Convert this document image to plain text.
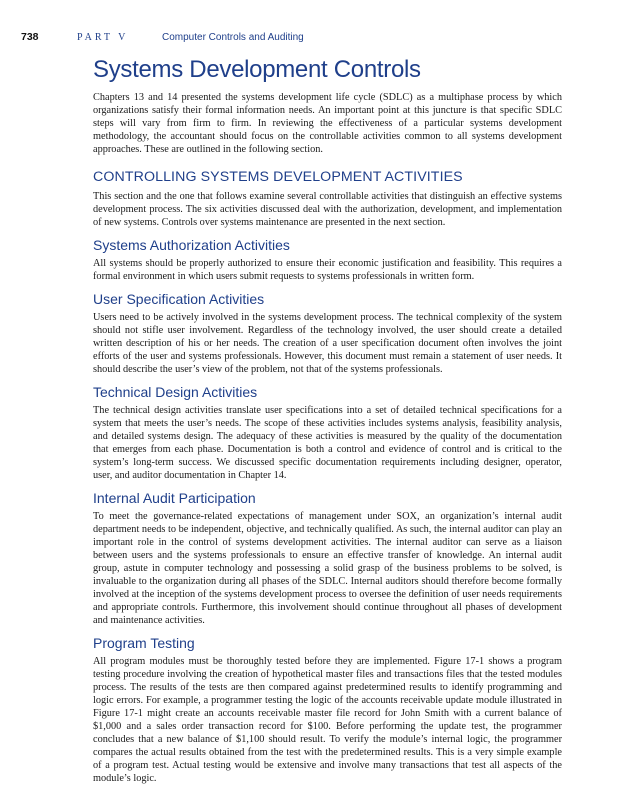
738	PART V	Computer Controls and Auditing
Systems Development Controls

Chapters 13 and 14 presented the systems development life cycle (SDLC) as a multiphase process by which organizations satisfy their formal information needs. An important point at this juncture is that specific SDLC steps will vary from firm to firm. In reviewing the effectiveness of a particular systems development methodology, the accountant should focus on the controllable activities common to all systems development approaches. These are outlined in the following section.

CONTROLLING SYSTEMS DEVELOPMENT ACTIVITIES

This section and the one that follows examine several controllable activities that distinguish an effective systems development process. The six activities discussed deal with the authorization, development, and implementation of new systems. Controls over systems maintenance are presented in the next section.

Systems Authorization Activities

All systems should be properly authorized to ensure their economic justification and feasibility. This requires a formal environment in which users submit requests to systems professionals in written form.

User Specification Activities

Users need to be actively involved in the systems development process. The technical complexity of the system should not stifle user involvement. Regardless of the technology involved, the user should create a detailed written description of his or her needs. The creation of a user specification document often involves the joint efforts of the user and systems professionals. However, this document must remain a statement of user needs. It should describe the user’s view of the problem, not that of the systems professionals.

Technical Design Activities

The technical design activities translate user specifications into a set of detailed technical specifications for a system that meets the user’s needs. The scope of these activities includes systems analysis, feasibility analysis, and detailed systems design. The adequacy of these activities is measured by the quality of the documentation that emerges from each phase. Documentation is both a control and evidence of control and is critical to the system’s long-term success. We discussed specific documentation requirements including designer, operator, user, and auditor documentation in Chapter 14.

Internal Audit Participation

To meet the governance-related expectations of management under SOX, an organization’s internal audit department needs to be independent, objective, and technically qualified. As such, the internal auditor can play an important role in the control of systems development activities. The internal auditor can serve as a liaison between users and the systems professionals to ensure an effective transfer of knowledge. An internal audit group, astute in computer technology and possessing a solid grasp of the business problems to be solved, is invaluable to the organization during all phases of the SDLC. Internal auditors should therefore become formally involved at the inception of the systems development process to oversee the definition of user needs requirements and appropriate controls. Furthermore, this involvement should continue throughout all phases of development and maintenance activities.

Program Testing

All program modules must be thoroughly tested before they are implemented. Figure 17-1 shows a program testing procedure involving the creation of hypothetical master files and transactions files that the tested modules process. The results of the tests are then compared against predetermined results to identify programming and logic errors. For example, a programmer testing the logic of the accounts receivable update module illustrated in Figure 17-1 might create an accounts receivable master file record for John Smith with a current balance of $1,000 and a sales order transaction record for $100. Before performing the update test, the programmer concludes that a new balance of $1,100 should result. To verify the module’s internal logic, the programmer compares the actual results obtained from the test with the predetermined results. This is a very simple example of a program test. Actual testing would be extensive and involve many transactions that test all aspects of the module’s logic.
